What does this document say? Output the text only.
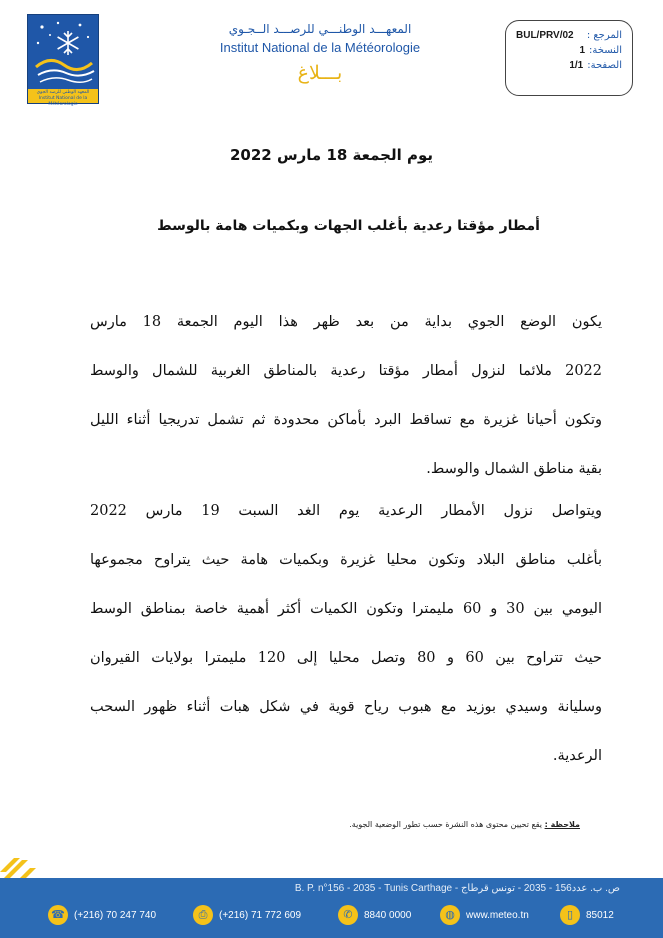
المعهد الوطني للرصد الجوي
Institut National de la Météorologie
المعهـــد الوطنـــي للرصـــد الــجـوي
Institut National de la Météorologie
بـــلاغ
BUL/PRV/02 المرجع :
1 النسخة:
1/1 الصفحة:
يوم الجمعة 18 مارس 2022
أمطار مؤقتا رعدية بأغلب الجهات وبكميات هامة بالوسط
يكون الوضع الجوي بداية من بعد ظهر هذا اليوم الجمعة 18 مارس
2022 ملائما لنزول أمطار مؤقتا رعدية بالمناطق الغربية للشمال والوسط
وتكون أحيانا غزيرة مع تساقط البرد بأماكن محدودة ثم تشمل تدريجيا أثناء الليل
بقية مناطق الشمال والوسط.
ويتواصل نزول الأمطار الرعدية يوم الغد السبت 19 مارس 2022
بأغلب مناطق البلاد وتكون محليا غزيرة وبكميات هامة حيث يتراوح مجموعها
اليومي بين 30 و 60 مليمترا وتكون الكميات أكثر أهمية خاصة بمناطق الوسط
حيث تتراوح بين 60 و 80 وتصل محليا إلى 120 مليمترا بولايات القيروان
وسليانة وسيدي بوزيد مع هبوب رياح قوية في شكل هبات أثناء ظهور السحب
الرعدية.
ملاحظة : يقع تحيين محتوى هذه النشرة حسب تطور الوضعية الجوية.
B. P. n°156 - 2035 - Tunis Carthage - ص. ب. عدد156 - 2035 - تونس قرطاج
☎ (+216) 70 247 740	⎙	(+216) 71 772 609	✆	8840 0000	◍	www.meteo.tn	▯	85012
